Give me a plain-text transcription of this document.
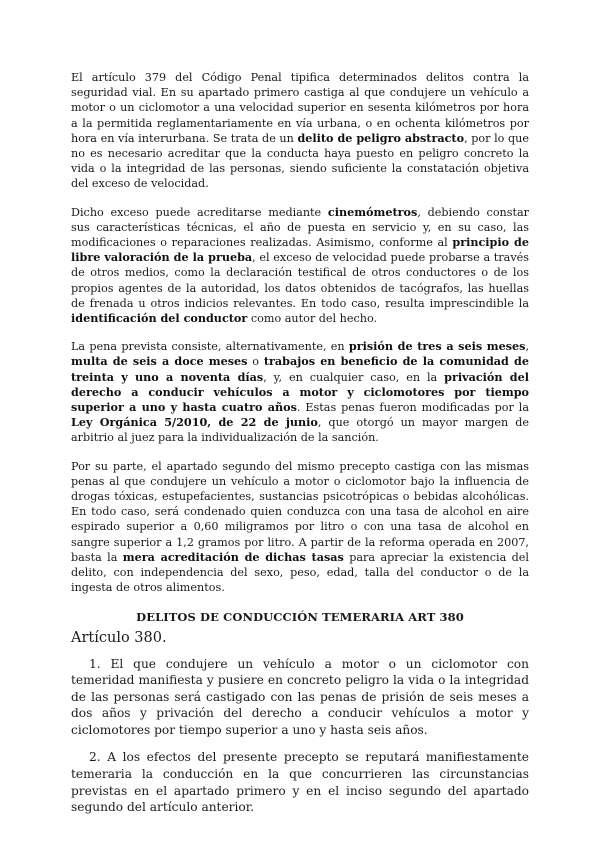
El artículo 379 del Código Penal tipifica determinados delitos contra la seguridad vial. En su apartado primero castiga al que condujere un vehículo a motor o un ciclomotor a una velocidad superior en sesenta kilómetros por hora a la permitida reglamentariamente en vía urbana, o en ochenta kilómetros por hora en vía interurbana. Se trata de un delito de peligro abstracto, por lo que no es necesario acreditar que la conducta haya puesto en peligro concreto la vida o la integridad de las personas, siendo suficiente la constatación objetiva del exceso de velocidad.

Dicho exceso puede acreditarse mediante cinemómetros, debiendo constar sus características técnicas, el año de puesta en servicio y, en su caso, las modificaciones o reparaciones realizadas. Asimismo, conforme al principio de libre valoración de la prueba, el exceso de velocidad puede probarse a través de otros medios, como la declaración testifical de otros conductores o de los propios agentes de la autoridad, los datos obtenidos de tacógrafos, las huellas de frenada u otros indicios relevantes. En todo caso, resulta imprescindible la identificación del conductor como autor del hecho.

La pena prevista consiste, alternativamente, en prisión de tres a seis meses, multa de seis a doce meses o trabajos en beneficio de la comunidad de treinta y uno a noventa días, y, en cualquier caso, en la privación del derecho a conducir vehículos a motor y ciclomotores por tiempo superior a uno y hasta cuatro años. Estas penas fueron modificadas por la Ley Orgánica 5/2010, de 22 de junio, que otorgó un mayor margen de arbitrio al juez para la individualización de la sanción.

Por su parte, el apartado segundo del mismo precepto castiga con las mismas penas al que condujere un vehículo a motor o ciclomotor bajo la influencia de drogas tóxicas, estupefacientes, sustancias psicotrópicas o bebidas alcohólicas. En todo caso, será condenado quien conduzca con una tasa de alcohol en aire espirado superior a 0,60 miligramos por litro o con una tasa de alcohol en sangre superior a 1,2 gramos por litro. A partir de la reforma operada en 2007, basta la mera acreditación de dichas tasas para apreciar la existencia del delito, con independencia del sexo, peso, edad, talla del conductor o de la ingesta de otros alimentos.

DELITOS DE CONDUCCIÓN TEMERARIA ART 380
Artículo 380.

1. El que condujere un vehículo a motor o un ciclomotor con temeridad manifiesta y pusiere en concreto peligro la vida o la integridad de las personas será castigado con las penas de prisión de seis meses a dos años y privación del derecho a conducir vehículos a motor y ciclomotores por tiempo superior a uno y hasta seis años.

2. A los efectos del presente precepto se reputará manifiestamente temeraria la conducción en la que concurrieren las circunstancias previstas en el apartado primero y en el inciso segundo del apartado segundo del artículo anterior.
